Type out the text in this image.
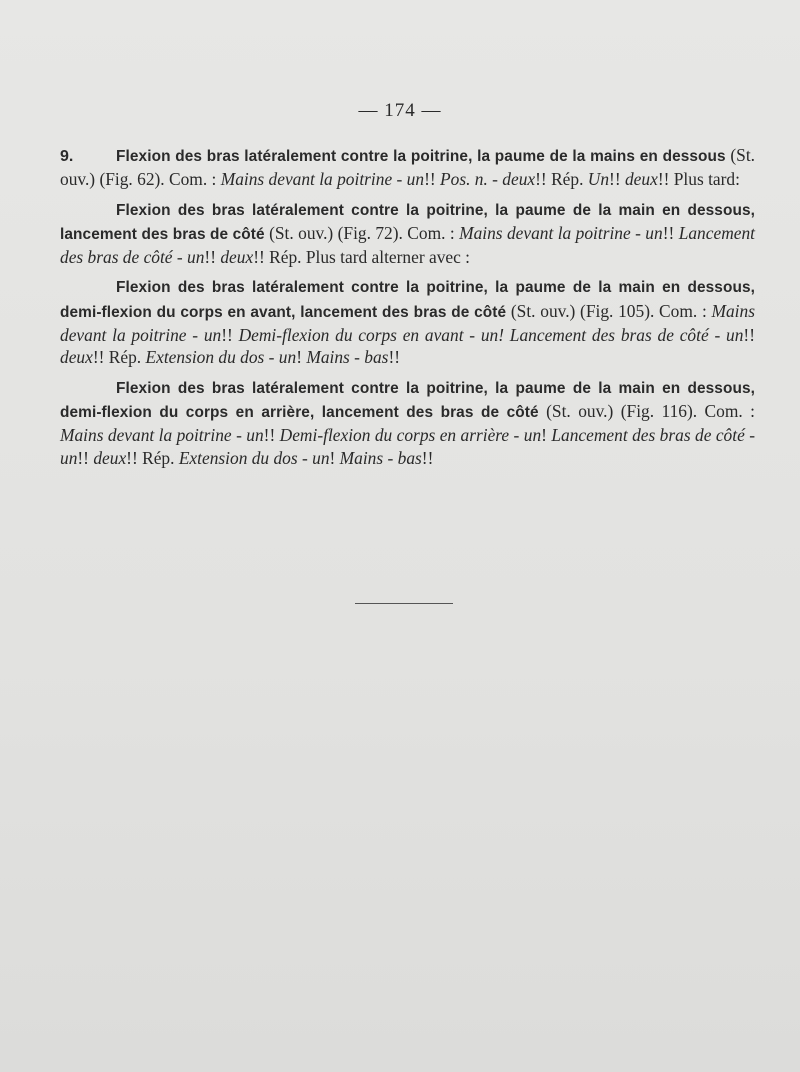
— 174 —

9.	Flexion des bras latéralement contre la poitrine, la paume de la mains en dessous (St. ouv.) (Fig. 62). Com. : Mains devant la poitrine - un!! Pos. n. - deux!! Rép. Un!! deux!! Plus tard:

Flexion des bras latéralement contre la poitrine, la paume de la main en dessous, lancement des bras de côté (St. ouv.) (Fig. 72). Com. : Mains devant la poitrine - un!! Lancement des bras de côté - un!! deux!! Rép. Plus tard alterner avec :

Flexion des bras latéralement contre la poitrine, la paume de la main en dessous, demi-flexion du corps en avant, lancement des bras de côté (St. ouv.) (Fig. 105). Com. : Mains devant la poitrine - un!! Demi-flexion du corps en avant - un! Lancement des bras de côté - un!! deux!! Rép. Extension du dos - un! Mains - bas!!

Flexion des bras latéralement contre la poitrine, la paume de la main en dessous, demi-flexion du corps en arrière, lancement des bras de côté (St. ouv.) (Fig. 116). Com. : Mains devant la poitrine - un!! Demi-flexion du corps en arrière - un! Lancement des bras de côté - un!! deux!! Rép. Extension du dos - un! Mains - bas!!
